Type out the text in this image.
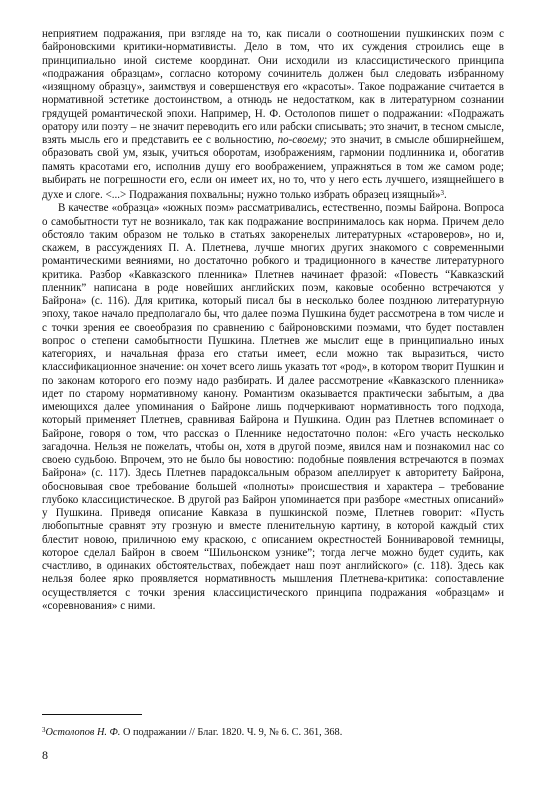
неприятием подражания, при взгляде на то, как писали о соотношении пушкинских поэм с байроновскими критики-нормативисты. Дело в том, что их суждения строились еще в принципиально иной системе координат. Они исходили из классицистического принципа «подражания образцам», согласно которому сочинитель должен был следовать избранному «изящному образцу», заимствуя и совершенствуя его «красоты». Такое подражание считается в нормативной эстетике достоинством, а отнюдь не недостатком, как в литературном сознании грядущей романтической эпохи. Например, Н. Ф. Остолопов пишет о подражании: «Подражать оратору или поэту – не значит переводить его или рабски списывать; это значит, в тесном смысле, взять мысль его и представить ее с вольностию, по-своему; это значит, в смысле обширнейшем, образовать свой ум, язык, учиться оборотам, изображениям, гармонии подлинника и, обогатив память красотами его, исполнив душу его воображением, упражняться в том же самом роде; выбирать не погрешности его, если он имеет их, но то, что у него есть лучшего, изящнейшего в духе и слоге. <...> Подражания похвальны; нужно только избрать образец изящный»$^3$.

В качестве «образца» «южных поэм» рассматривались, естественно, поэмы Байрона. Вопроса о самобытности тут не возникало, так как подражание воспринималось как норма. Причем дело обстояло таким образом не только в статьях закоренелых литературных «староверов», но и, скажем, в рассуждениях П. А. Плетнева, лучше многих других знакомого с современными романтическими веяниями, но достаточно робкого и традиционного в качестве литературного критика. Разбор «Кавказского пленника» Плетнев начинает фразой: «Повесть “Кавказский пленник” написана в роде новейших английских поэм, каковые особенно встречаются у Байрона» (с. 116). Для критика, который писал бы в несколько более позднюю литературную эпоху, такое начало предполагало бы, что далее поэма Пушкина будет рассмотрена в том числе и с точки зрения ее своеобразия по сравнению с байроновскими поэмами, что будет поставлен вопрос о степени самобытности Пушкина. Плетнев же мыслит еще в принципиально иных категориях, и начальная фраза его статьи имеет, если можно так выразиться, чисто классификационное значение: он хочет всего лишь указать тот «род», в котором творит Пушкин и по законам которого его поэму надо разбирать. И далее рассмотрение «Кавказского пленника» идет по старому нормативному канону. Романтизм оказывается практически забытым, а два имеющихся далее упоминания о Байроне лишь подчеркивают нормативность того подхода, который применяет Плетнев, сравнивая Байрона и Пушкина. Один раз Плетнев вспоминает о Байроне, говоря о том, что рассказ о Пленнике недостаточно полон: «Его участь несколько загадочна. Нельзя не пожелать, чтобы он, хотя в другой поэме, явился нам и познакомил нас со своею судьбою. Впрочем, это не было бы новостию: подобные появления встречаются в поэмах Байрона» (с. 117). Здесь Плетнев парадоксальным образом апеллирует к авторитету Байрона, обосновывая свое требование большей «полноты» происшествия и характера – требование глубоко классицистическое. В другой раз Байрон упоминается при разборе «местных описаний» у Пушкина. Приведя описание Кавказа в пушкинской поэме, Плетнев говорит: «Пусть любопытные сравнят эту грозную и вместе пленительную картину, в которой каждый стих блестит новою, приличною ему краскою, с описанием окрестностей Бонниваровой темницы, которое сделал Байрон в своем “Шильонском узнике”; тогда легче можно будет судить, как счастливо, в одинаких обстоятельствах, побеждает наш поэт английского» (с. 118). Здесь как нельзя более ярко проявляется нормативность мышления Плетнева-критика: сопоставление осуществляется с точки зрения классицистического принципа подражания «образцам» и «соревнования» с ними.

$^3$Остолопов Н. Ф. О подражании // Благ. 1820. Ч. 9, № 6. С. 361, 368.
8
